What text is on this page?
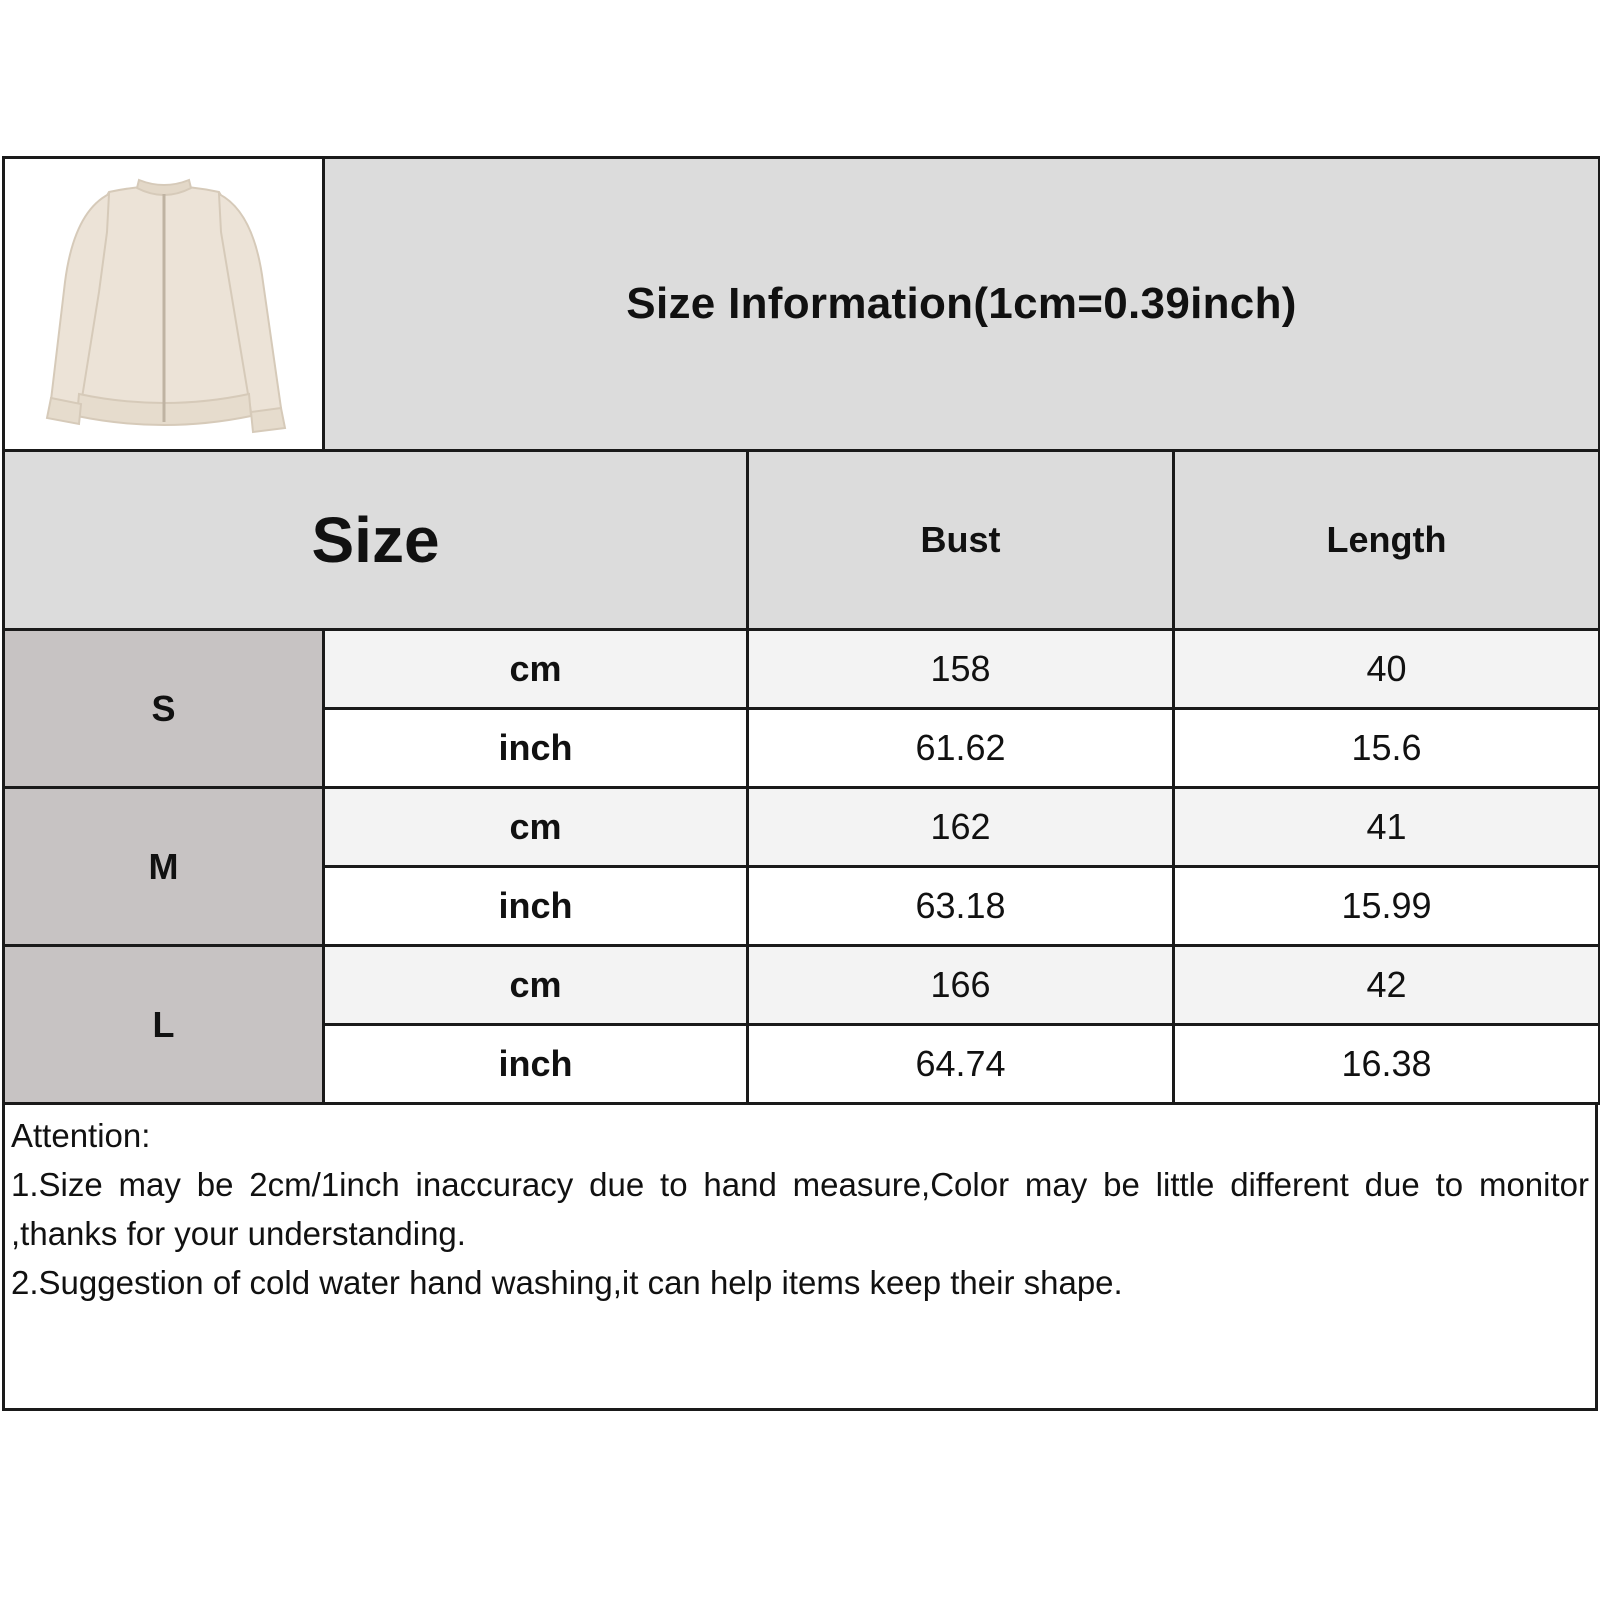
	Size Information(1cm=0.39inch)		
Size		Bust	Length
S	cm	158	40
	inch	61.62	15.6
M	cm	162	41
	inch	63.18	15.99
L	cm	166	42
	inch	64.74	16.38

Attention:

1.Size may be 2cm/1inch inaccuracy due to hand measure,Color may be little different due to monitor ,thanks for your understanding.

2.Suggestion of cold water hand washing,it can help items keep their shape.
